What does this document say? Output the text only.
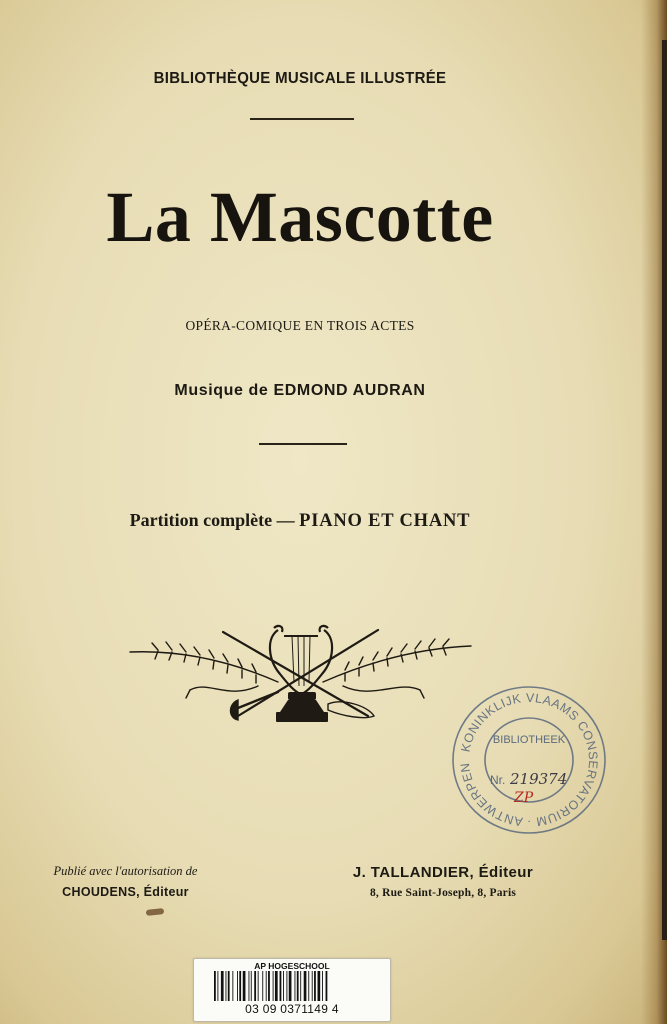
BIBLIOTHÈQUE MUSICALE ILLUSTRÉE
La Mascotte
OPÉRA-COMIQUE EN TROIS ACTES
Musique de EDMOND AUDRAN
Partition complète — PIANO ET CHANT
KONINKLIJK VLAAMS CONSERVATORIUM · ANTWERPEN
BIBLIOTHEEK
Nr. 219374
ZP
Publié avec l'autorisation de
CHOUDENS, Éditeur
J. TALLANDIER, Éditeur
8, Rue Saint-Joseph, 8, Paris
AP HOGESCHOOL
03 09 0371149 4
